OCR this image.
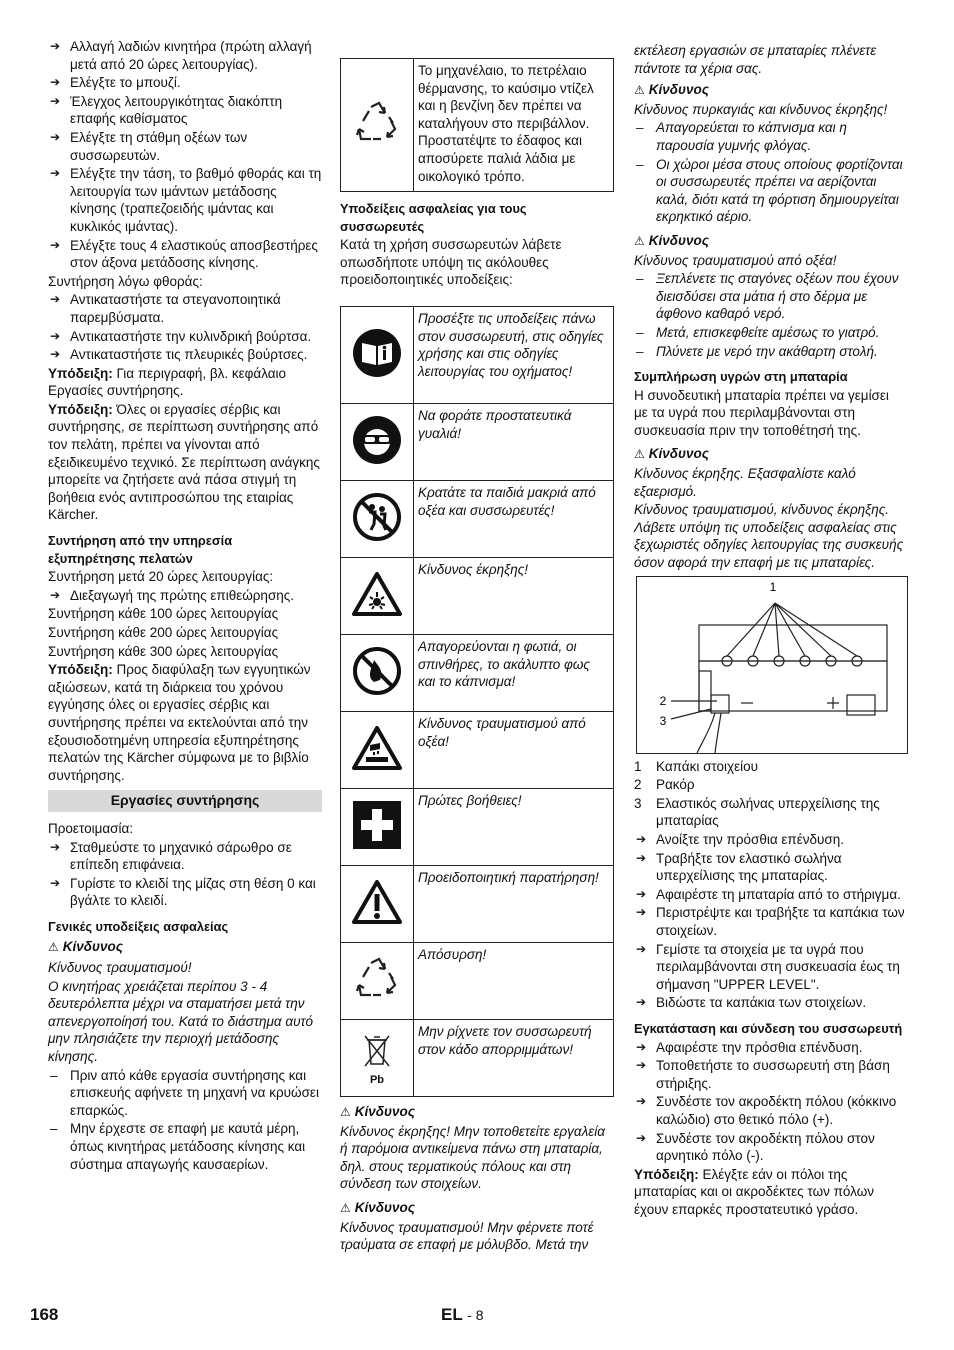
➔ Αλλαγή λαδιών κινητήρα (πρώτη αλλαγή μετά από 20 ώρες λειτουργίας).

➔ Ελέγξτε το μπουζί.

➔ Έλεγχος λειτουργικότητας διακόπτη επαφής καθίσματος

➔ Ελέγξτε τη στάθμη οξέων των συσσωρευτών.

➔ Ελέγξτε την τάση, το βαθμό φθοράς και τη λειτουργία των ιμάντων μετάδοσης κίνησης (τραπεζοειδής ιμάντας και κυκλικός ιμάντας).

➔ Ελέγξτε τους 4 ελαστικούς αποσβεστήρες στον άξονα μετάδοσης κίνησης.

Συντήρηση λόγω φθοράς:

➔ Αντικαταστήστε τα στεγανοποιητικά παρεμβύσματα.

➔ Αντικαταστήστε την κυλινδρική βούρτσα.

➔ Αντικαταστήστε τις πλευρικές βούρτσες.

Υπόδειξη: Για περιγραφή, βλ. κεφάλαιο Εργασίες συντήρησης.

Υπόδειξη: Όλες οι εργασίες σέρβις και συντήρησης, σε περίπτωση συντήρησης από τον πελάτη, πρέπει να γίνονται από εξειδικευμένο τεχνικό. Σε περίπτωση ανάγκης μπορείτε να ζητήσετε ανά πάσα στιγμή τη βοήθεια ενός αντιπροσώπου της εταιρίας Kärcher.

Συντήρηση από την υπηρεσία εξυπηρέτησης πελατών

Συντήρηση μετά 20 ώρες λειτουργίας:

➔ Διεξαγωγή της πρώτης επιθεώρησης.

Συντήρηση κάθε 100 ώρες λειτουργίας

Συντήρηση κάθε 200 ώρες λειτουργίας

Συντήρηση κάθε 300 ώρες λειτουργίας

Υπόδειξη: Προς διαφύλαξη των εγγυητικών αξιώσεων, κατά τη διάρκεια του χρόνου εγγύησης όλες οι εργασίες σέρβις και συντήρησης πρέπει να εκτελούνται από την εξουσιοδοτημένη υπηρεσία εξυπηρέτησης πελατών της Kärcher σύμφωνα με το βιβλίο συντήρησης.

Εργασίες συντήρησης

Προετοιμασία:

➔ Σταθμεύστε το μηχανικό σάρωθρο σε επίπεδη επιφάνεια.

➔ Γυρίστε το κλειδί της μίζας στη θέση 0 και βγάλτε το κλειδί.

Γενικές υποδείξεις ασφαλείας

⚠ Κίνδυνος

Κίνδυνος τραυματισμού!

Ο κινητήρας χρειάζεται περίπου 3 - 4 δευτερόλεπτα μέχρι να σταματήσει μετά την απενεργοποίησή του. Κατά το διάστημα αυτό μην πλησιάζετε την περιοχή μετάδοσης κίνησης.

– Πριν από κάθε εργασία συντήρησης και επισκευής αφήνετε τη μηχανή να κρυώσει επαρκώς.

– Μην έρχεστε σε επαφή με καυτά μέρη, όπως κινητήρας μετάδοσης κίνησης και σύστημα απαγωγής καυσαερίων.

	Το μηχανέλαιο, το πετρέλαιο θέρμανσης, το καύσιμο ντίζελ και η βενζίνη δεν πρέπει να καταλήγουν στο περιβάλλον. Προστατέψτε το έδαφος και αποσύρετε παλιά λάδια με οικολογικό τρόπο.

Υποδείξεις ασφαλείας για τους συσσωρευτές

Κατά τη χρήση συσσωρευτών λάβετε οπωσδήποτε υπόψη τις ακόλουθες προειδοποιητικές υποδείξεις:

	Προσέξτε τις υποδείξεις πάνω στον συσσωρευτή, στις οδηγίες χρήσης και στις οδηγίες λειτουργίας του οχήματος!
	Να φοράτε προστατευτικά γυαλιά!
	Κρατάτε τα παιδιά μακριά από οξέα και συσσωρευτές!
	Κίνδυνος έκρηξης!
	Απαγορεύονται η φωτιά, οι σπινθήρες, το ακάλυπτο φως και το κάπνισμα!
	Κίνδυνος τραυματισμού από οξέα!
	Πρώτες βοήθειες!
	Προειδοποιητική παρατήρηση!
	Απόσυρση!

Pb	Μην ρίχνετε τον συσσωρευτή στον κάδο απορριμμάτων!

⚠ Κίνδυνος

Κίνδυνος έκρηξης! Μην τοποθετείτε εργαλεία ή παρόμοια αντικείμενα πάνω στη μπαταρία, δηλ. στους τερματικούς πόλους και στη σύνδεση των στοιχείων.

⚠ Κίνδυνος

Κίνδυνος τραυματισμού! Μην φέρνετε ποτέ τραύματα σε επαφή με μόλυβδο. Μετά την

εκτέλεση εργασιών σε μπαταρίες πλένετε πάντοτε τα χέρια σας.

⚠ Κίνδυνος

Κίνδυνος πυρκαγιάς και κίνδυνος έκρηξης!

– Απαγορεύεται το κάπνισμα και η παρουσία γυμνής φλόγας.

– Οι χώροι μέσα στους οποίους φορτίζονται οι συσσωρευτές πρέπει να αερίζονται καλά, διότι κατά τη φόρτιση δημιουργείται εκρηκτικό αέριο.

⚠ Κίνδυνος

Κίνδυνος τραυματισμού από οξέα!

– Ξεπλένετε τις σταγόνες οξέων που έχουν διεισδύσει στα μάτια ή στο δέρμα με άφθονο καθαρό νερό.

– Μετά, επισκεφθείτε αμέσως το γιατρό.

– Πλύνετε με νερό την ακάθαρτη στολή.

Συμπλήρωση υγρών στη μπαταρία

Η συνοδευτική μπαταρία πρέπει να γεμίσει με τα υγρά που περιλαμβάνονται στη συσκευασία πριν την τοποθέτησή της.

⚠ Κίνδυνος

Κίνδυνος έκρηξης. Εξασφαλίστε καλό εξαερισμό.

Κίνδυνος τραυματισμού, κίνδυνος έκρηξης. Λάβετε υπόψη τις υποδείξεις ασφαλείας στις ξεχωριστές οδηγίες λειτουργίας της συσκευής όσον αφορά την επαφή με τις μπαταρίες.

1
2
3

1 Καπάκι στοιχείου

2 Ρακόρ

3 Ελαστικός σωλήνας υπερχείλισης της μπαταρίας

➔ Ανοίξτε την πρόσθια επένδυση.

➔ Τραβήξτε τον ελαστικό σωλήνα υπερχείλισης της μπαταρίας.

➔ Αφαιρέστε τη μπαταρία από το στήριγμα.

➔ Περιστρέψτε και τραβήξτε τα καπάκια των στοιχείων.

➔ Γεμίστε τα στοιχεία με τα υγρά που περιλαμβάνονται στη συσκευασία έως τη σήμανση "UPPER LEVEL".

➔ Βιδώστε τα καπάκια των στοιχείων.

Εγκατάσταση και σύνδεση του συσσωρευτή

➔ Αφαιρέστε την πρόσθια επένδυση.

➔ Τοποθετήστε το συσσωρευτή στη βάση στήριξης.

➔ Συνδέστε τον ακροδέκτη πόλου (κόκκινο καλώδιο) στο θετικό πόλο (+).

➔ Συνδέστε τον ακροδέκτη πόλου στον αρνητικό πόλο (-).

Υπόδειξη: Ελέγξτε εάν οι πόλοι της μπαταρίας και οι ακροδέκτες των πόλων έχουν επαρκές προστατευτικό γράσο.

168	EL - 8
